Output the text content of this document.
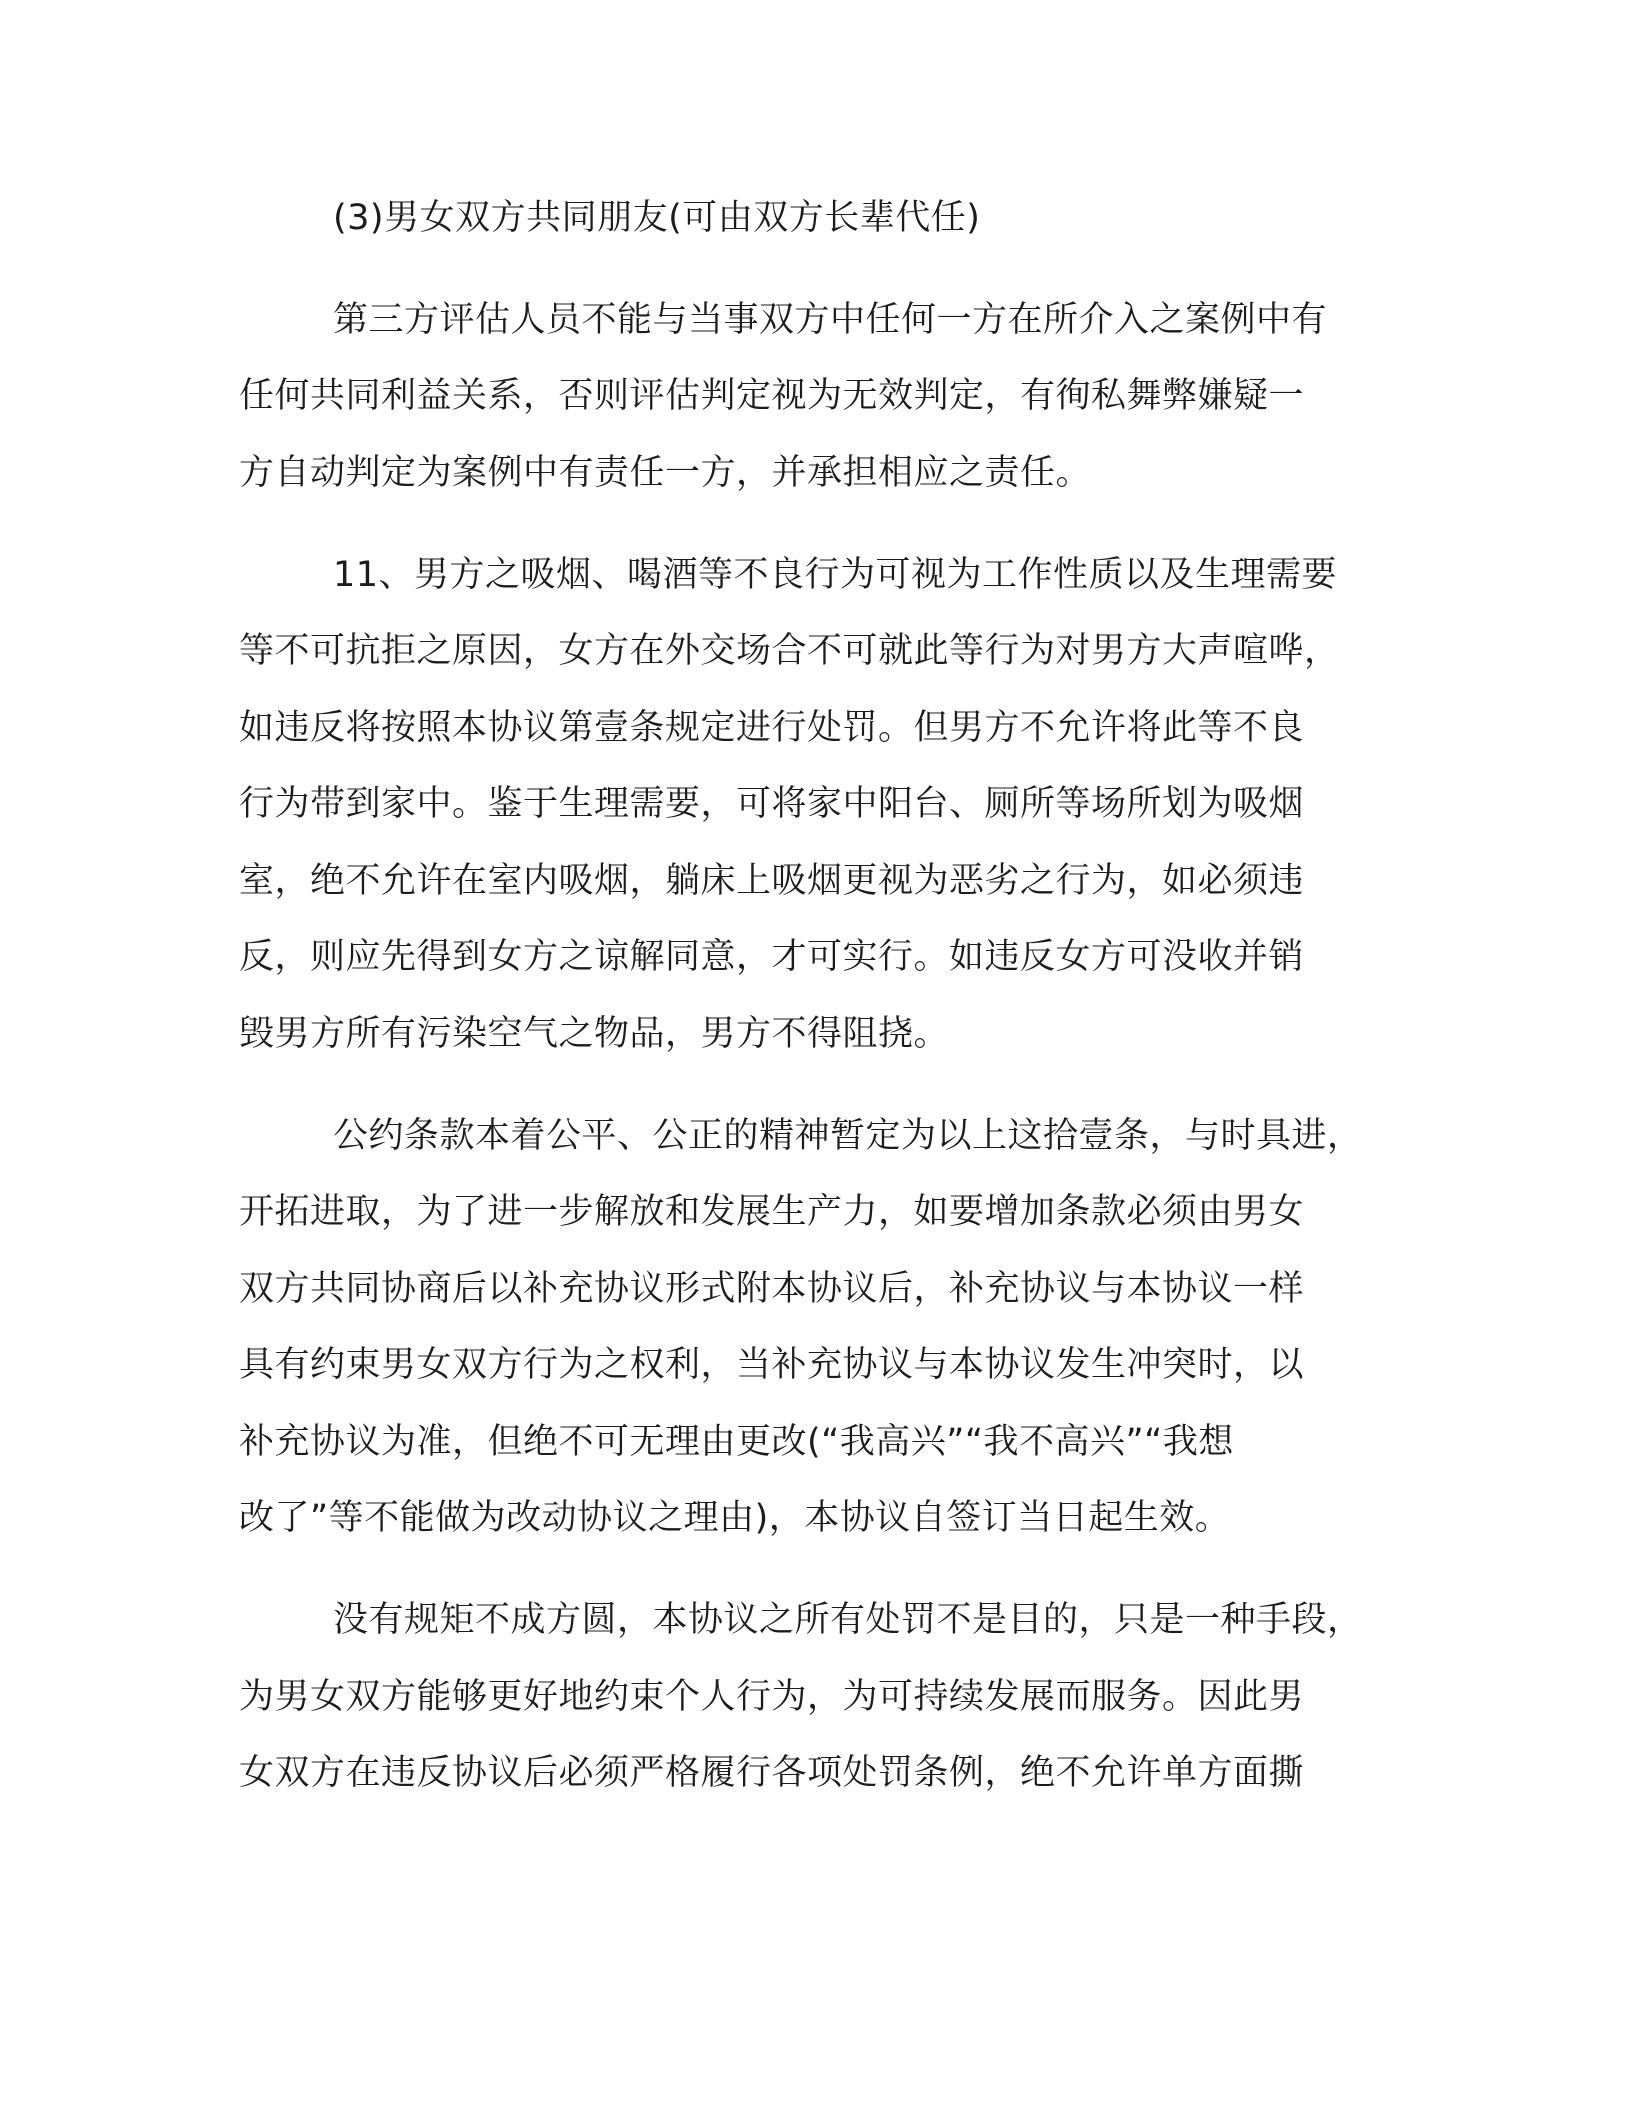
(3)男女双方共同朋友(可由双方长辈代任)

第三方评估人员不能与当事双方中任何一方在所介入之案例中有

任何共同利益关系，否则评估判定视为无效判定，有徇私舞弊嫌疑一

方自动判定为案例中有责任一方，并承担相应之责任。

11、男方之吸烟、喝酒等不良行为可视为工作性质以及生理需要

等不可抗拒之原因，女方在外交场合不可就此等行为对男方大声喧哗，

如违反将按照本协议第壹条规定进行处罚。但男方不允许将此等不良

行为带到家中。鉴于生理需要，可将家中阳台、厕所等场所划为吸烟

室，绝不允许在室内吸烟，躺床上吸烟更视为恶劣之行为，如必须违

反，则应先得到女方之谅解同意，才可实行。如违反女方可没收并销

毁男方所有污染空气之物品，男方不得阻挠。

公约条款本着公平、公正的精神暂定为以上这拾壹条，与时具进，

开拓进取，为了进一步解放和发展生产力，如要增加条款必须由男女

双方共同协商后以补充协议形式附本协议后，补充协议与本协议一样

具有约束男女双方行为之权利，当补充协议与本协议发生冲突时，以

补充协议为准，但绝不可无理由更改(“我高兴”“我不高兴”“我想

改了”等不能做为改动协议之理由)，本协议自签订当日起生效。

没有规矩不成方圆，本协议之所有处罚不是目的，只是一种手段，

为男女双方能够更好地约束个人行为，为可持续发展而服务。因此男

女双方在违反协议后必须严格履行各项处罚条例，绝不允许单方面撕
